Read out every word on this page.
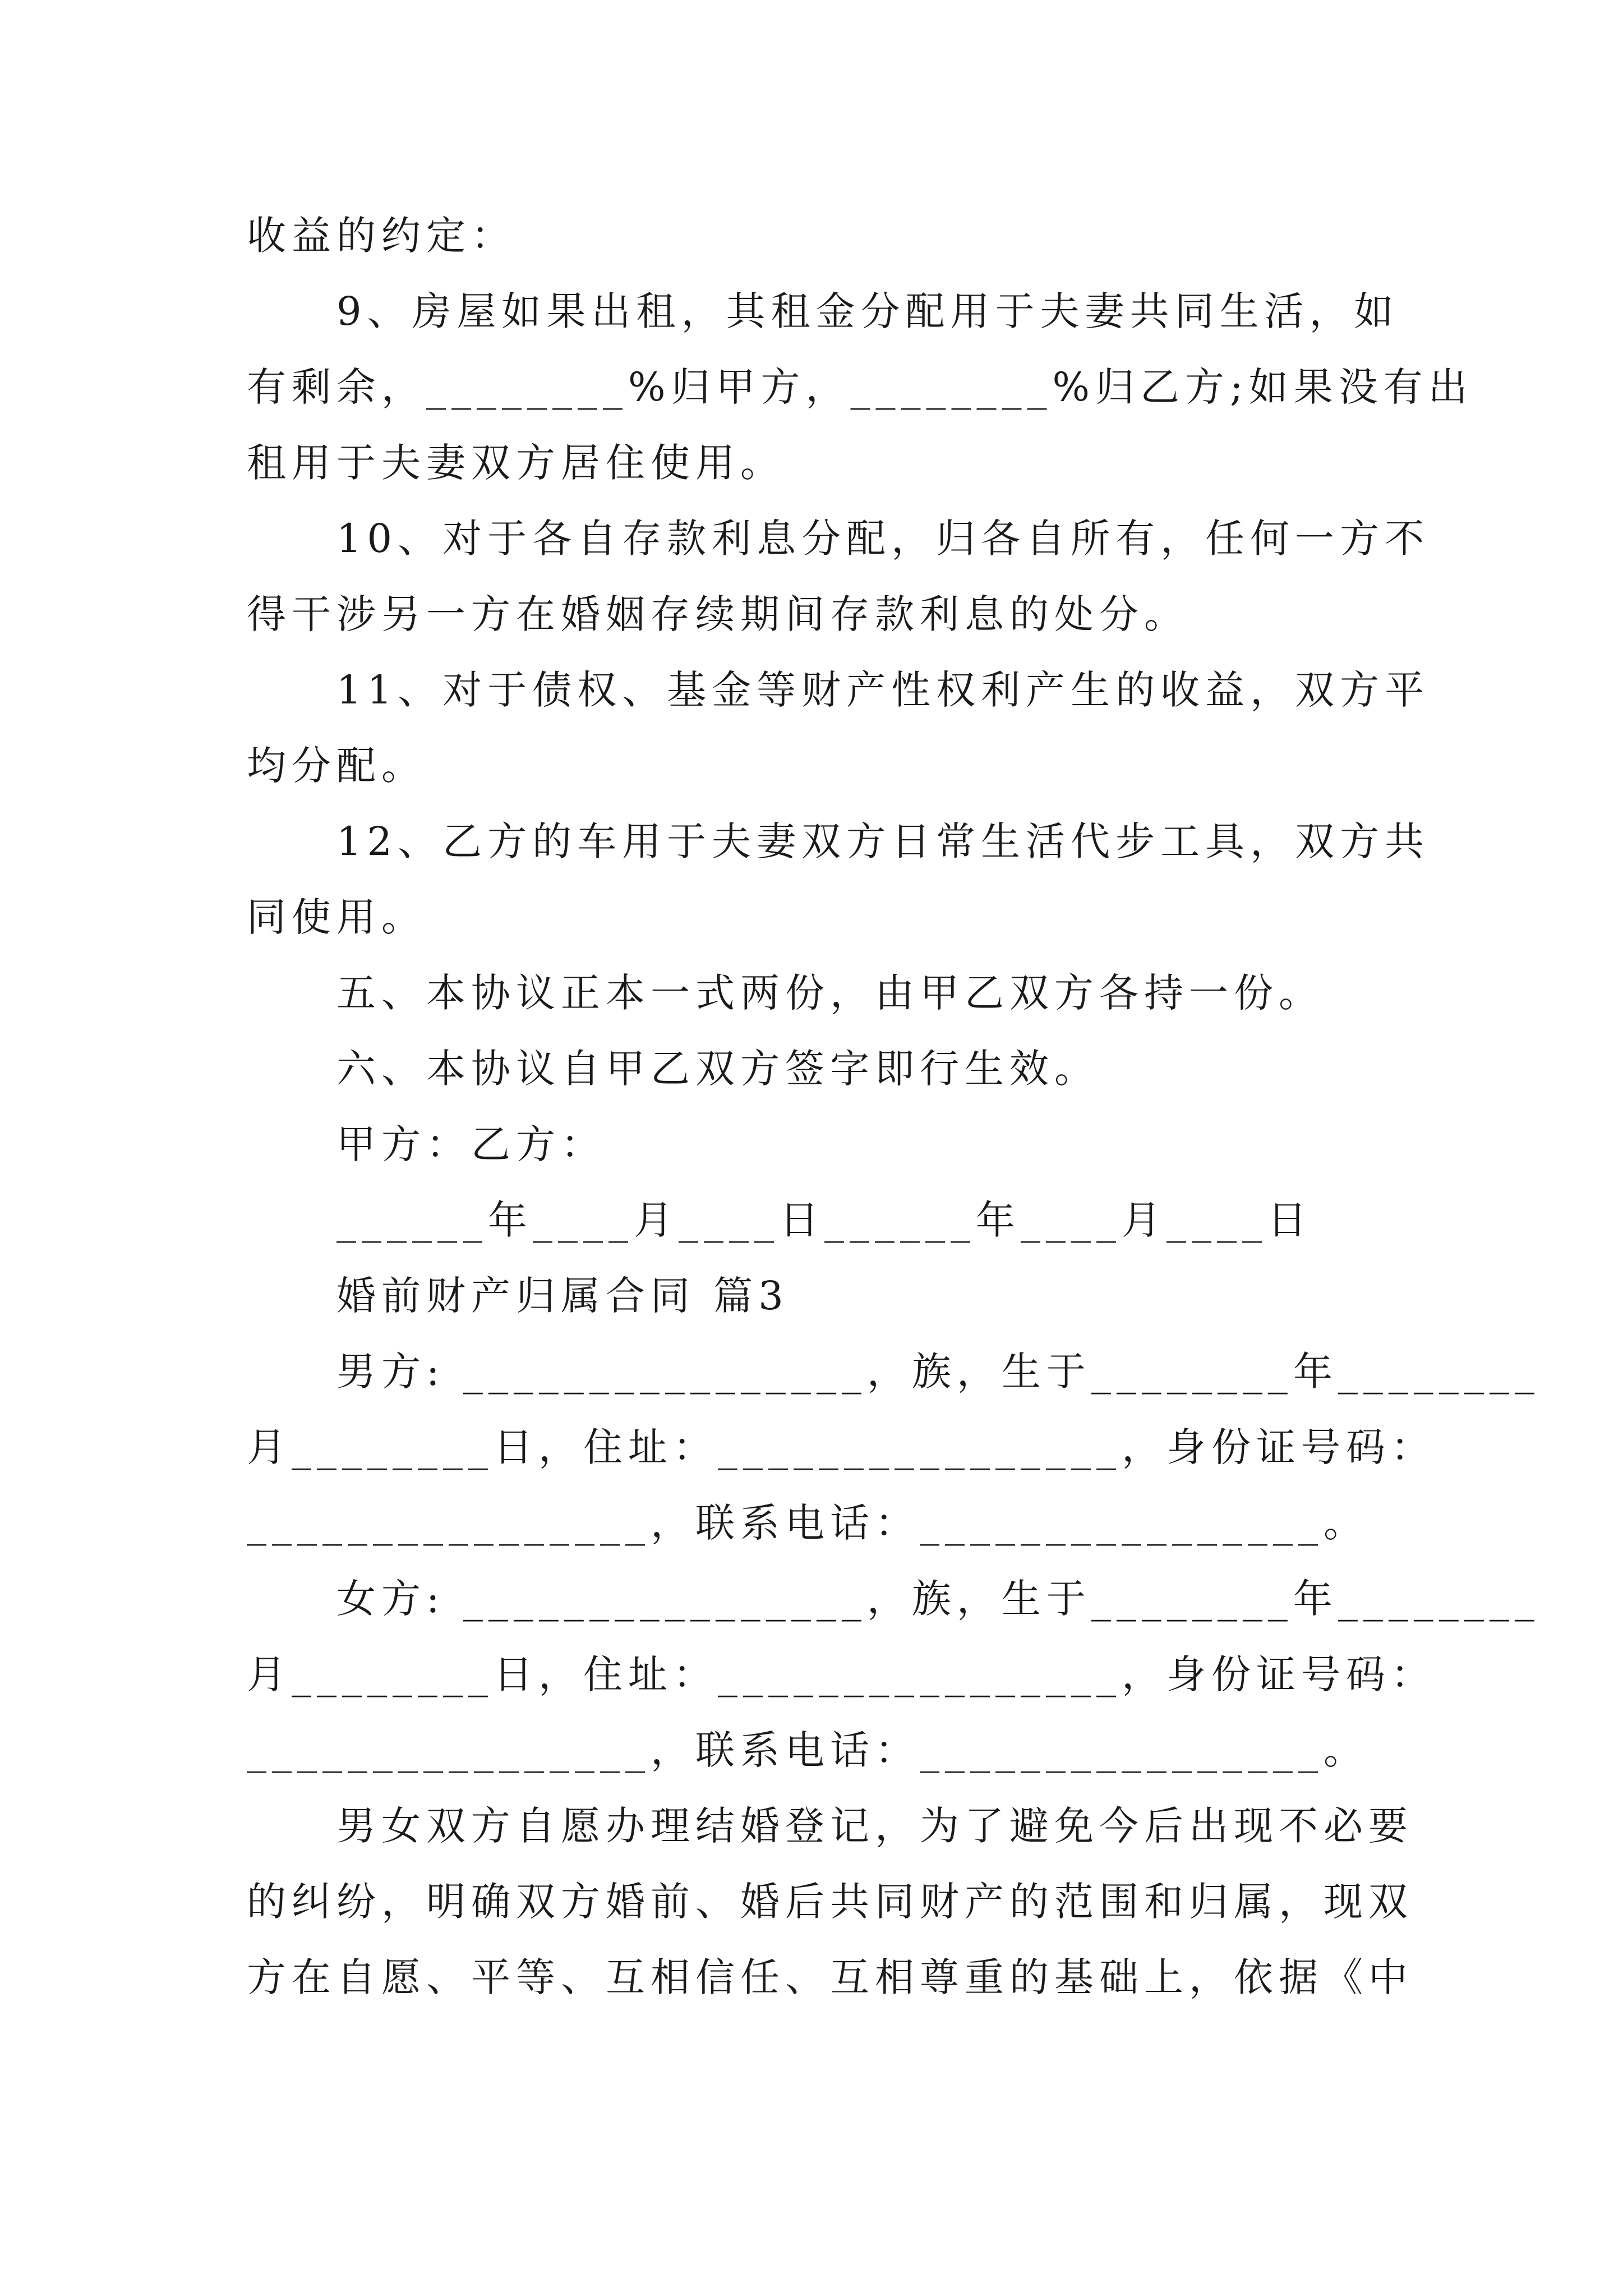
收益的约定：
9、房屋如果出租，其租金分配用于夫妻共同生活，如
有剩余，________%归甲方，________%归乙方;如果没有出
租用于夫妻双方居住使用。
10、对于各自存款利息分配，归各自所有，任何一方不
得干涉另一方在婚姻存续期间存款利息的处分。
11、对于债权、基金等财产性权利产生的收益，双方平
均分配。
12、乙方的车用于夫妻双方日常生活代步工具，双方共
同使用。
五、本协议正本一式两份，由甲乙双方各持一份。
六、本协议自甲乙双方签字即行生效。
甲方：乙方：
______年____月____日______年____月____日
婚前财产归属合同 篇3
男方: ________________，族，生于________年________
月________日，住址：________________，身份证号码：
________________，联系电话：________________。
女方: ________________，族，生于________年________
月________日，住址：________________，身份证号码：
________________，联系电话：________________。
男女双方自愿办理结婚登记，为了避免今后出现不必要
的纠纷，明确双方婚前、婚后共同财产的范围和归属，现双
方在自愿、平等、互相信任、互相尊重的基础上，依据《中
